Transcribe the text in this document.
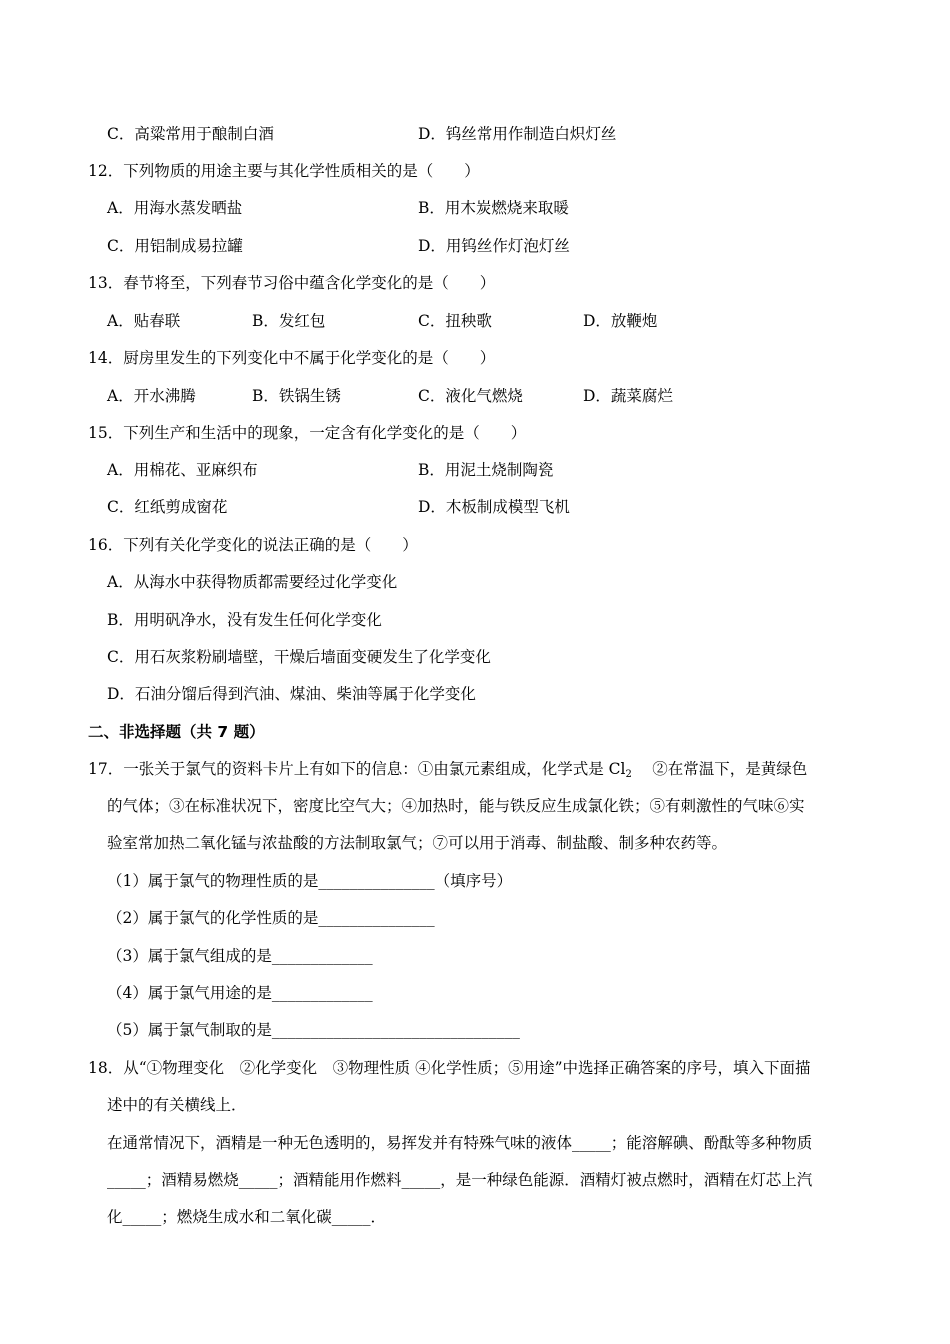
C．高粱常用于酿制白酒	D．钨丝常用作制造白炽灯丝
12．下列物质的用途主要与其化学性质相关的是（　　）
A．用海水蒸发晒盐	B．用木炭燃烧来取暖
C．用铝制成易拉罐	D．用钨丝作灯泡灯丝
13．春节将至，下列春节习俗中蕴含化学变化的是（　　）
A．贴春联	B．发红包	C．扭秧歌	D．放鞭炮
14．厨房里发生的下列变化中不属于化学变化的是（　　）
A．开水沸腾	B．铁锅生锈	C．液化气燃烧	D．蔬菜腐烂
15．下列生产和生活中的现象，一定含有化学变化的是（　　）
A．用棉花、亚麻织布	B．用泥土烧制陶瓷
C．红纸剪成窗花	D．木板制成模型飞机
16．下列有关化学变化的说法正确的是（　　）
A．从海水中获得物质都需要经过化学变化
B．用明矾净水，没有发生任何化学变化
C．用石灰浆粉刷墙壁，干燥后墙面变硬发生了化学变化
D．石油分馏后得到汽油、煤油、柴油等属于化学变化
二、非选择题（共 7 题）
17．一张关于氯气的资料卡片上有如下的信息：①由氯元素组成，化学式是 $Cl_2$　 ②在常温下，是黄绿色
的气体；③在标准状况下，密度比空气大；④加热时，能与铁反应生成氯化铁；⑤有刺激性的气味⑥实
验室常加热二氧化锰与浓盐酸的方法制取氯气；⑦可以用于消毒、制盐酸、制多种农药等。
（1）属于氯气的物理性质的是_______________（填序号）
（2）属于氯气的化学性质的是_______________
（3）属于氯气组成的是_____________
（4）属于氯气用途的是_____________
（5）属于氯气制取的是________________________________
18．从“①物理变化　②化学变化　③物理性质 ④化学性质；⑤用途”中选择正确答案的序号，填入下面描
述中的有关横线上．
在通常情况下，酒精是一种无色透明的，易挥发并有特殊气味的液体_____；能溶解碘、酚酞等多种物质
_____；酒精易燃烧_____；酒精能用作燃料_____，是一种绿色能源．酒精灯被点燃时，酒精在灯芯上汽
化_____；燃烧生成水和二氧化碳_____．
